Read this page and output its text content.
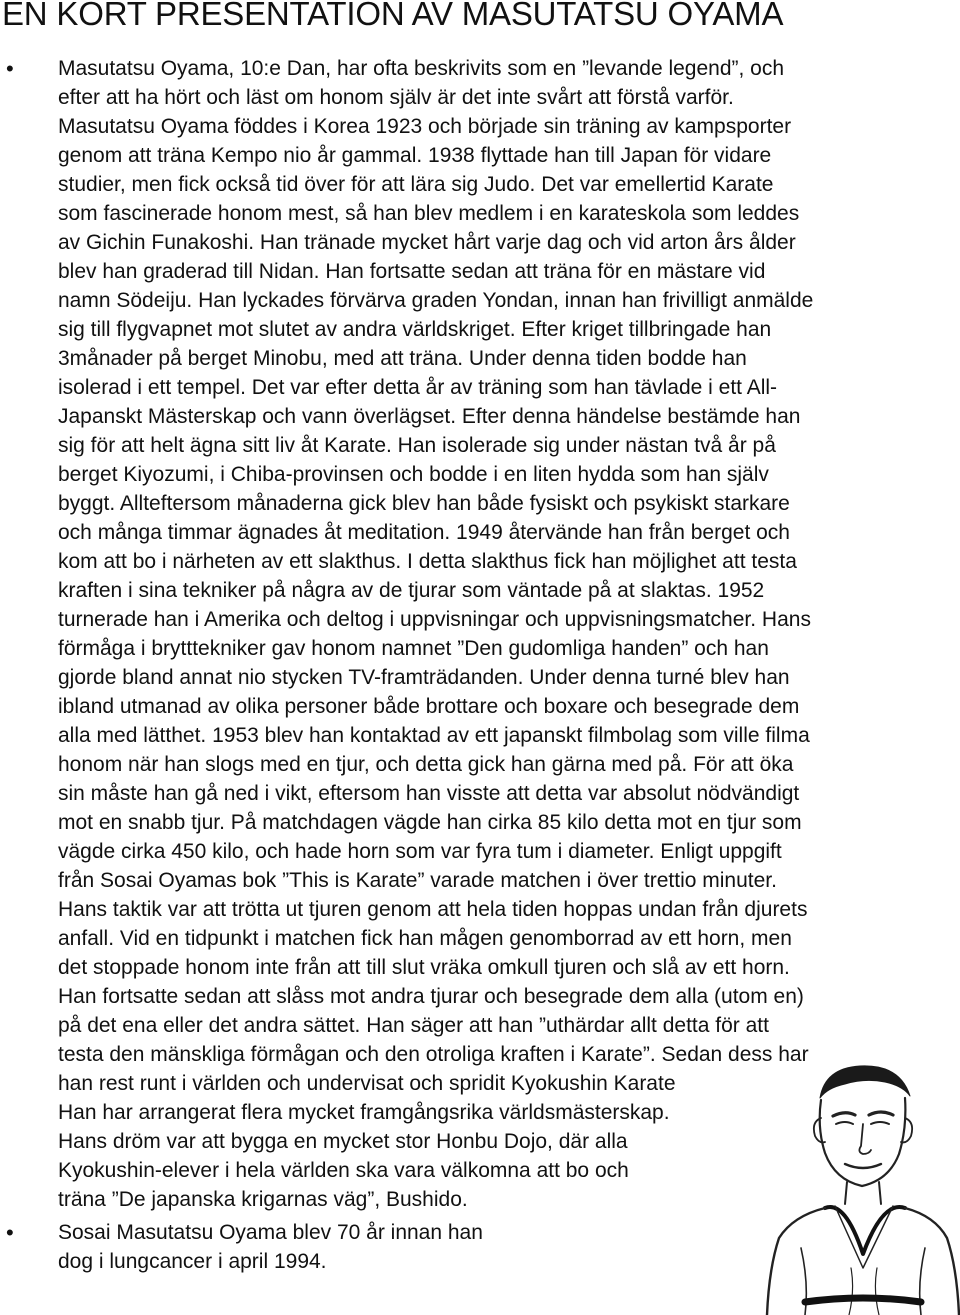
EN KORT PRESENTATION AV MASUTATSU OYAMA
• Masutatsu Oyama, 10:e Dan, har ofta beskrivits som en ”levande legend”, och

efter att ha hört och läst om honom själv är det inte svårt att förstå varför.

Masutatsu Oyama föddes i Korea 1923 och började sin träning av kampsporter

genom att träna Kempo nio år gammal. 1938 flyttade han till Japan för vidare

studier, men fick också tid över för att lära sig Judo. Det var emellertid Karate

som fascinerade honom mest, så han blev medlem i en karateskola som leddes

av Gichin Funakoshi. Han tränade mycket hårt varje dag och vid arton års ålder

blev han graderad till Nidan. Han fortsatte sedan att träna för en mästare vid

namn Södeiju. Han lyckades förvärva graden Yondan, innan han frivilligt anmälde

sig till flygvapnet mot slutet av andra världskriget. Efter kriget tillbringade han

3månader på berget Minobu, med att träna. Under denna tiden bodde han

isolerad i ett tempel. Det var efter detta år av träning som han tävlade i ett All-

Japanskt Mästerskap och vann överlägset. Efter denna händelse bestämde han

sig för att helt ägna sitt liv åt Karate. Han isolerade sig under nästan två år på

berget Kiyozumi, i Chiba-provinsen och bodde i en liten hydda som han själv

byggt. Allteftersom månaderna gick blev han både fysiskt och psykiskt starkare

och många timmar ägnades åt meditation. 1949 återvände han från berget och

kom att bo i närheten av ett slakthus. I detta slakthus fick han möjlighet att testa

kraften i sina tekniker på några av de tjurar som väntade på at slaktas. 1952

turnerade han i Amerika och deltog i uppvisningar och uppvisningsmatcher. Hans

förmåga i brytttekniker gav honom namnet ”Den gudomliga handen” och han

gjorde bland annat nio stycken TV-framträdanden. Under denna turné blev han

ibland utmanad av olika personer både brottare och boxare och besegrade dem

alla med lätthet. 1953 blev han kontaktad av ett japanskt filmbolag som ville filma

honom när han slogs med en tjur, och detta gick han gärna med på. För att öka

sin måste han gå ned i vikt, eftersom han visste att detta var absolut nödvändigt

mot en snabb tjur. På matchdagen vägde han cirka 85 kilo detta mot en tjur som

vägde cirka 450 kilo, och hade horn som var fyra tum i diameter. Enligt uppgift

från Sosai Oyamas bok ”This is Karate” varade matchen i över trettio minuter.

Hans taktik var att trötta ut tjuren genom att hela tiden hoppas undan från djurets

anfall. Vid en tidpunkt i matchen fick han mågen genomborrad av ett horn, men

det stoppade honom inte från att till slut vräka omkull tjuren och slå av ett horn.

Han fortsatte sedan att slåss mot andra tjurar och besegrade dem alla (utom en)

på det ena eller det andra sättet. Han säger att han ”uthärdar allt detta för att

testa den mänskliga förmågan och den otroliga kraften i Karate”. Sedan dess har

han rest runt i världen och undervisat och spridit Kyokushin Karate

Han har arrangerat flera mycket framgångsrika världsmästerskap.

Hans dröm var att bygga en mycket stor Honbu Dojo, där alla

Kyokushin-elever i hela världen ska vara välkomna att bo och

träna ”De japanska krigarnas väg”, Bushido.

• Sosai Masutatsu Oyama blev 70 år innan han

dog i lungcancer i april 1994.
